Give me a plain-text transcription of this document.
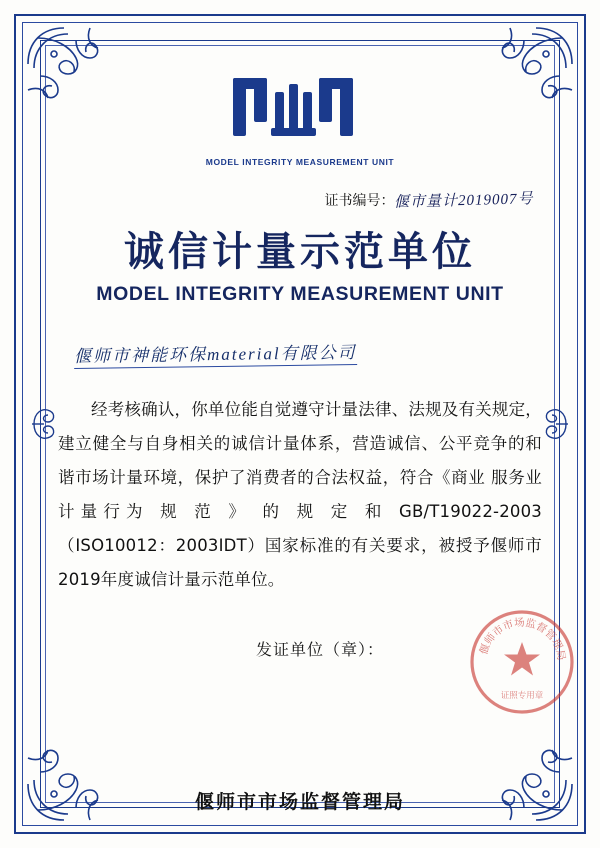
MODEL INTEGRITY MEASUREMENT UNIT
证书编号：偃市量计2019007号
诚信计量示范单位
MODEL INTEGRITY MEASUREMENT UNIT
偃师市神能环保material有限公司

经考核确认，你单位能自觉遵守计量法律、法规及有关规定，建立健全与自身相关的诚信计量体系，营造诚信、公平竞争的和谐市场计量环境，保护了消费者的合法权益，符合《商业 服务业计量行为 规 范 》 的 规 定 和 GB/T19022-2003（ISO10012：2003IDT）国家标准的有关要求，被授予偃师市2019年度诚信计量示范单位。

发证单位（章）：	偃师市市场监督管理局
证照专用章
偃师市市场监督管理局
